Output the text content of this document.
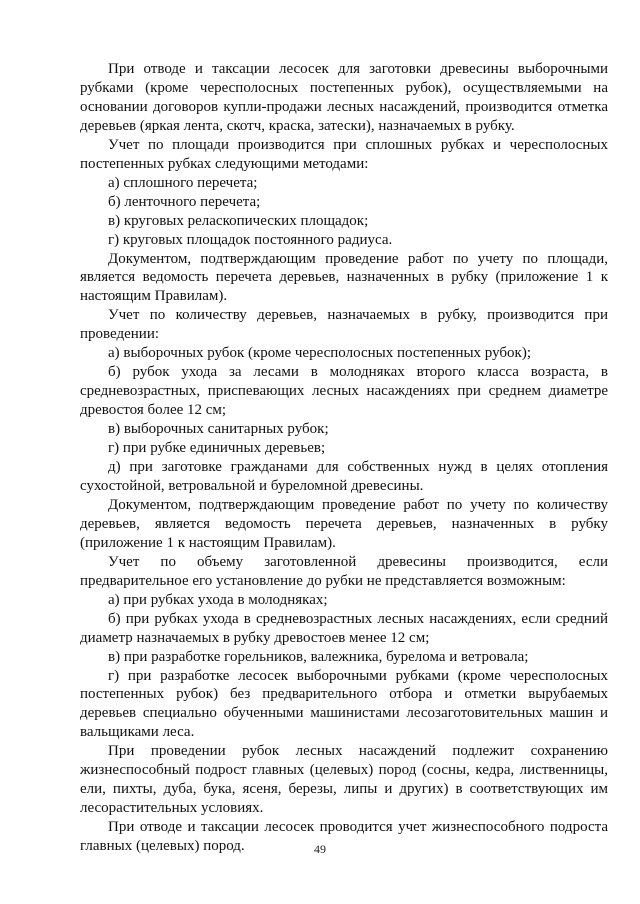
При отводе и таксации лесосек для заготовки древесины выборочными рубками (кроме чересполосных постепенных рубок), осуществляемыми на основании договоров купли-продажи лесных насаждений, производится отметка деревьев (яркая лента, скотч, краска, затески), назначаемых в рубку.

Учет по площади производится при сплошных рубках и чересполосных постепенных рубках следующими методами:

а) сплошного перечета;

б) ленточного перечета;

в) круговых реласкопических площадок;

г) круговых площадок постоянного радиуса.

Документом, подтверждающим проведение работ по учету по площади, является ведомость перечета деревьев, назначенных в рубку (приложение 1 к настоящим Правилам).

Учет по количеству деревьев, назначаемых в рубку, производится при проведении:

а) выборочных рубок (кроме чересполосных постепенных рубок);

б) рубок ухода за лесами в молодняках второго класса возраста, в средневозрастных, приспевающих лесных насаждениях при среднем диаметре древостоя более 12 см;

в) выборочных санитарных рубок;

г) при рубке единичных деревьев;

д) при заготовке гражданами для собственных нужд в целях отопления сухостойной, ветровальной и буреломной древесины.

Документом, подтверждающим проведение работ по учету по количеству деревьев, является ведомость перечета деревьев, назначенных в рубку (приложение 1 к настоящим Правилам).

Учет по объему заготовленной древесины производится, если предварительное его установление до рубки не представляется возможным:

а) при рубках ухода в молодняках;

б) при рубках ухода в средневозрастных лесных насаждениях, если средний диаметр назначаемых в рубку древостоев менее 12 см;

в) при разработке горельников, валежника, бурелома и ветровала;

г) при разработке лесосек выборочными рубками (кроме чересполосных постепенных рубок) без предварительного отбора и отметки вырубаемых деревьев специально обученными машинистами лесозаготовительных машин и вальщиками леса.

При проведении рубок лесных насаждений подлежит сохранению жизнеспособный подрост главных (целевых) пород (сосны, кедра, лиственницы, ели, пихты, дуба, бука, ясеня, березы, липы и других) в соответствующих им лесорастительных условиях.

При отводе и таксации лесосек проводится учет жизнеспособного подроста главных (целевых) пород.	49
